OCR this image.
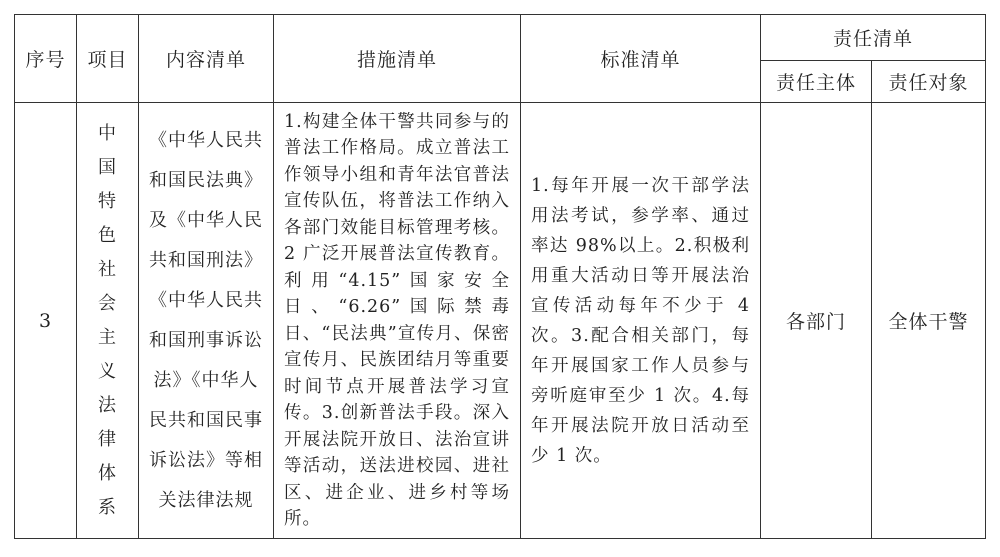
序号	项目	内容清单	措施清单	标准清单	责任清单	
					责任主体	责任对象
3	中国特色社会主义法律体系	《中华人民共和国民法典》及《中华人民共和国刑法》《中华人民共和国刑事诉讼法》《中华人民共和国民事诉讼法》等相关法律法规	1.构建全体干警共同参与的普法工作格局。成立普法工作领导小组和青年法官普法宣传队伍，将普法工作纳入各部门效能目标管理考核。2 广泛开展普法宣传教育。利用“4.15”国家安全日、“6.26”国际禁毒日、“民法典”宣传月、保密宣传月、民族团结月等重要时间节点开展普法学习宣传。3.创新普法手段。深入开展法院开放日、法治宣讲等活动，送法进校园、进社区、进企业、进乡村等场所。	1.每年开展一次干部学法用法考试，参学率、通过率达 98%以上。2.积极利用重大活动日等开展法治宣传活动每年不少于 4 次。3.配合相关部门，每年开展国家工作人员参与旁听庭审至少 1 次。4.每年开展法院开放日活动至少 1 次。	各部门	全体干警
